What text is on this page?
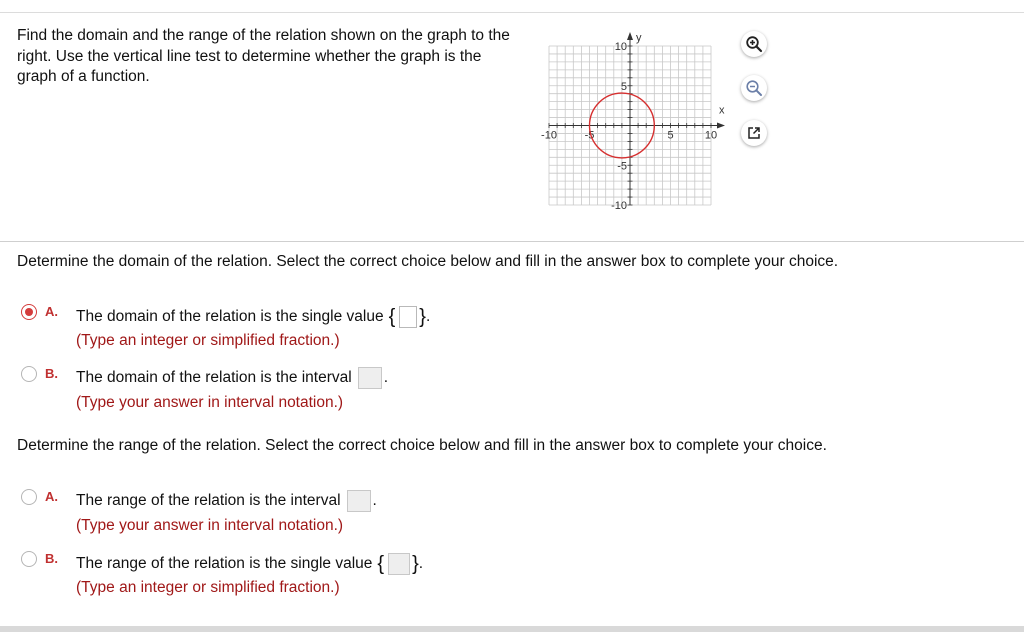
Find the domain and the range of the relation shown on the graph to the right. Use the vertical line test to determine whether the graph is the graph of a function.
-10	-5	5	10
10
5
-5
-10
x
y
Determine the domain of the relation. Select the correct choice below and fill in the answer box to complete your choice.
A. The domain of the relation is the single value { } .
(Type an integer or simplified fraction.)
B. The domain of the relation is the interval .
(Type your answer in interval notation.)
Determine the range of the relation. Select the correct choice below and fill in the answer box to complete your choice.
A. The range of the relation is the interval .
(Type your answer in interval notation.)
B. The range of the relation is the single value { } .
(Type an integer or simplified fraction.)
